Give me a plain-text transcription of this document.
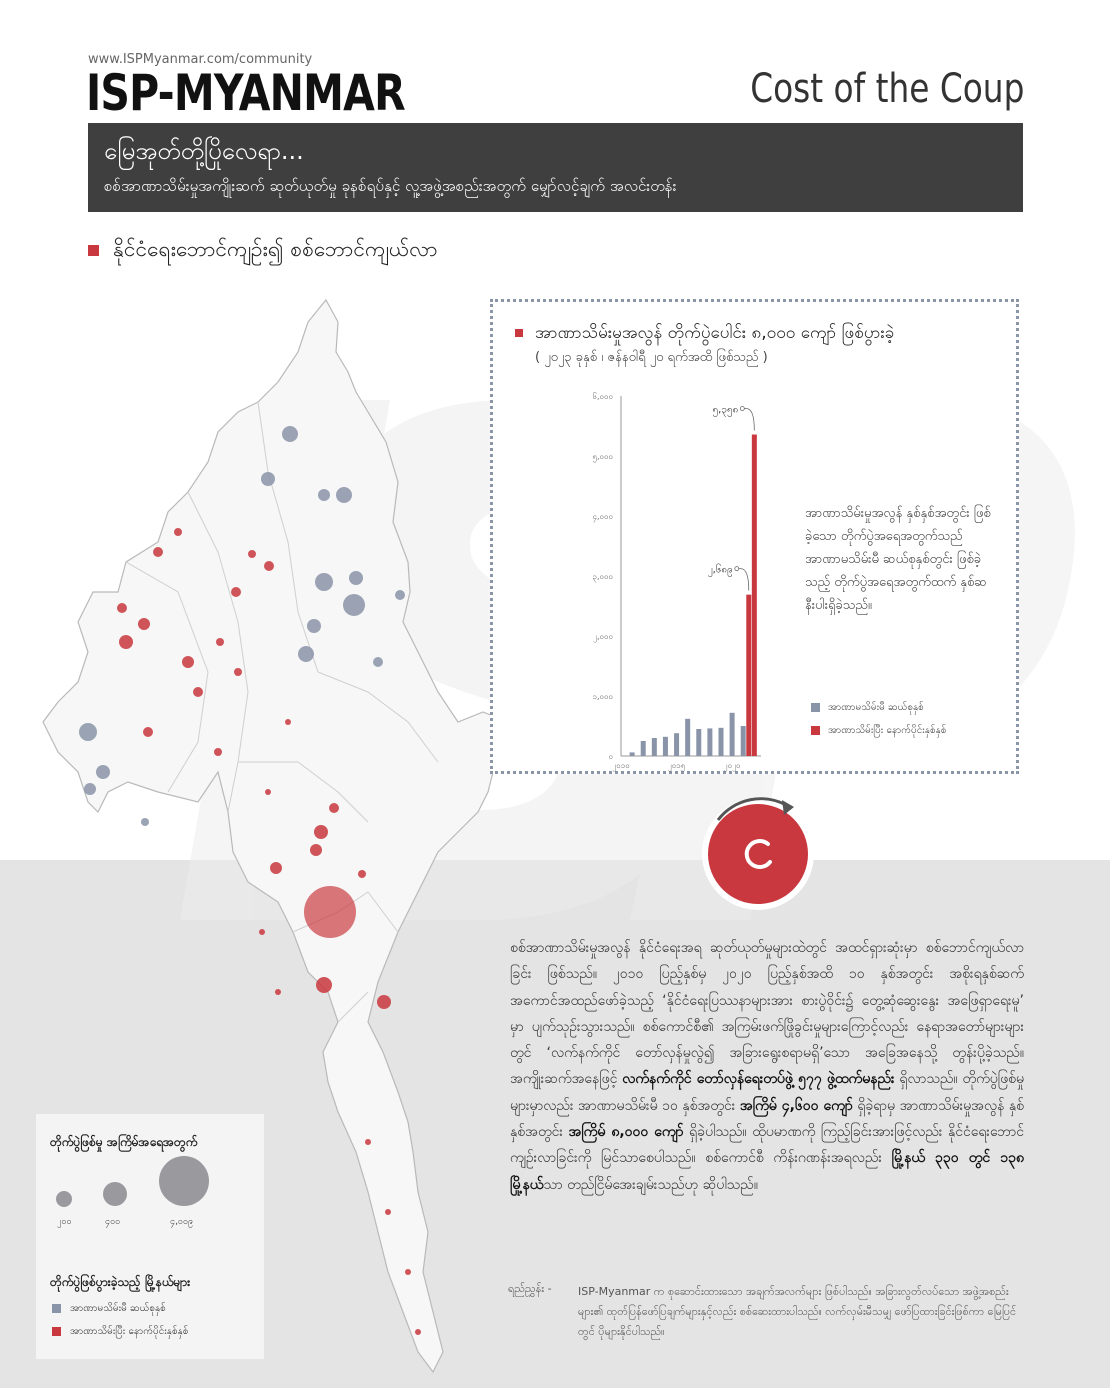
www.ISPMyanmar.com/community
ISP-MYANMAR	Cost of the Coup
မြေအုတ်တို့ပြိုလေရာ...
စစ်အာဏာသိမ်းမှုအကျိုးဆက် ဆုတ်ယုတ်မှု ခုနစ်ရပ်နှင့် လူ့အဖွဲ့အစည်းအတွက် မျှော်လင့်ချက် အလင်းတန်း
နိုင်ငံရေးဘောင်ကျဉ်း၍ စစ်ဘောင်ကျယ်လာ
အာဏာသိမ်းမှုအလွန် တိုက်ပွဲပေါင်း ၈,၀၀၀ ကျော် ဖြစ်ပွားခဲ့
( ၂၀၂၃ ခုနှစ် ၊ ဇန်နဝါရီ ၂၀ ရက်အထိ ဖြစ်သည် )
၀
၁,၀၀၀
၂,၀၀၀
၃,၀၀၀
၄,၀၀၀
၅,၀၀၀
၆,၀၀၀
၂၀၁၀	၂၀၁၅	၂၀၂၀
၂,၆၈၉
၅,၃၅၈
အာဏာသိမ်းမှုအလွန် နှစ်နှစ်အတွင်း ဖြစ်ခဲ့သော တိုက်ပွဲအရေအတွက်သည် အာဏာမသိမ်းမီ ဆယ်စုနှစ်တွင်း ဖြစ်ခဲ့သည့် တိုက်ပွဲအရေအတွက်ထက် နှစ်ဆနီးပါးရှိခဲ့သည်။
အာဏာမသိမ်းမီ ဆယ်စုနှစ်
အာဏာသိမ်းပြီး နောက်ပိုင်းနှစ်နှစ်
စစ်အာဏာသိမ်းမှုအလွန် နိုင်ငံရေးအရ ဆုတ်ယုတ်မှုများထဲတွင် အထင်ရှားဆုံးမှာ စစ်ဘောင်ကျယ်လာခြင်း ဖြစ်သည်။ ၂၀၁၀ ပြည့်နှစ်မှ ၂၀၂၀ ပြည့်နှစ်အထိ ၁၀ နှစ်အတွင်း အစိုးရနှစ်ဆက် အကောင်အထည်ဖော်ခဲ့သည့် ‘နိုင်ငံရေးပြဿနာများအား စားပွဲဝိုင်း၌ တွေ့ဆုံဆွေးနွေး အဖြေရှာရေးမူ’ မှာ ပျက်သုဉ်းသွားသည်။ စစ်ကောင်စီ၏ အကြမ်းဖက်ဖြိုခွင်းမှုများကြောင့်လည်း နေရာအတော်များများတွင် ‘လက်နက်ကိုင် တော်လှန်မှုလွဲ၍ အခြားရွေးစရာမရှိ’သော အခြေအနေသို့ တွန်းပို့ခဲ့သည်။ အကျိုးဆက်အနေဖြင့် လက်နက်ကိုင် တော်လှန်ရေးတပ်ဖွဲ့ ၅၇၇ ဖွဲ့ထက်မနည်း ရှိလာသည်။ တိုက်ပွဲဖြစ်မှုများမှာလည်း အာဏာမသိမ်းမီ ၁၀ နှစ်အတွင်း အကြိမ် ၄,၆၀၀ ကျော် ရှိခဲ့ရာမှ အာဏာသိမ်းမှုအလွန် နှစ်နှစ်အတွင်း အကြိမ် ၈,၀၀၀ ကျော် ရှိခဲ့ပါသည်။ ထိုပမာဏကို ကြည့်ခြင်းအားဖြင့်လည်း နိုင်ငံရေးဘောင် ကျဉ်းလာခြင်းကို မြင်သာစေပါသည်။ စစ်ကောင်စီ ကိန်းဂဏန်းအရလည်း မြို့နယ် ၃၃၀ တွင် ၁၃၈ မြို့နယ်သာ တည်ငြိမ်အေးချမ်းသည်ဟု ဆိုပါသည်။
ရည်ညွှန်း - ISP-Myanmar က စုဆောင်းထားသော အချက်အလက်များ ဖြစ်ပါသည်။ အခြားလွတ်လပ်သော အဖွဲ့အစည်းများ၏ ထုတ်ပြန်ဖော်ပြချက်များနှင့်လည်း စစ်ဆေးထားပါသည်။ လက်လှမ်းမီသမျှ ဖော်ပြထားခြင်းဖြစ်ကာ မြေပြင်တွင် ပိုများနိုင်ပါသည်။
တိုက်ပွဲဖြစ်မှု အကြိမ်အရေအတွက်
၂၀၀	၄၀၀	၄,၀၀၉
တိုက်ပွဲဖြစ်ပွားခဲ့သည့် မြို့နယ်များ
အာဏာမသိမ်းမီ ဆယ်စုနှစ်
အာဏာသိမ်းပြီး နောက်ပိုင်းနှစ်နှစ်
